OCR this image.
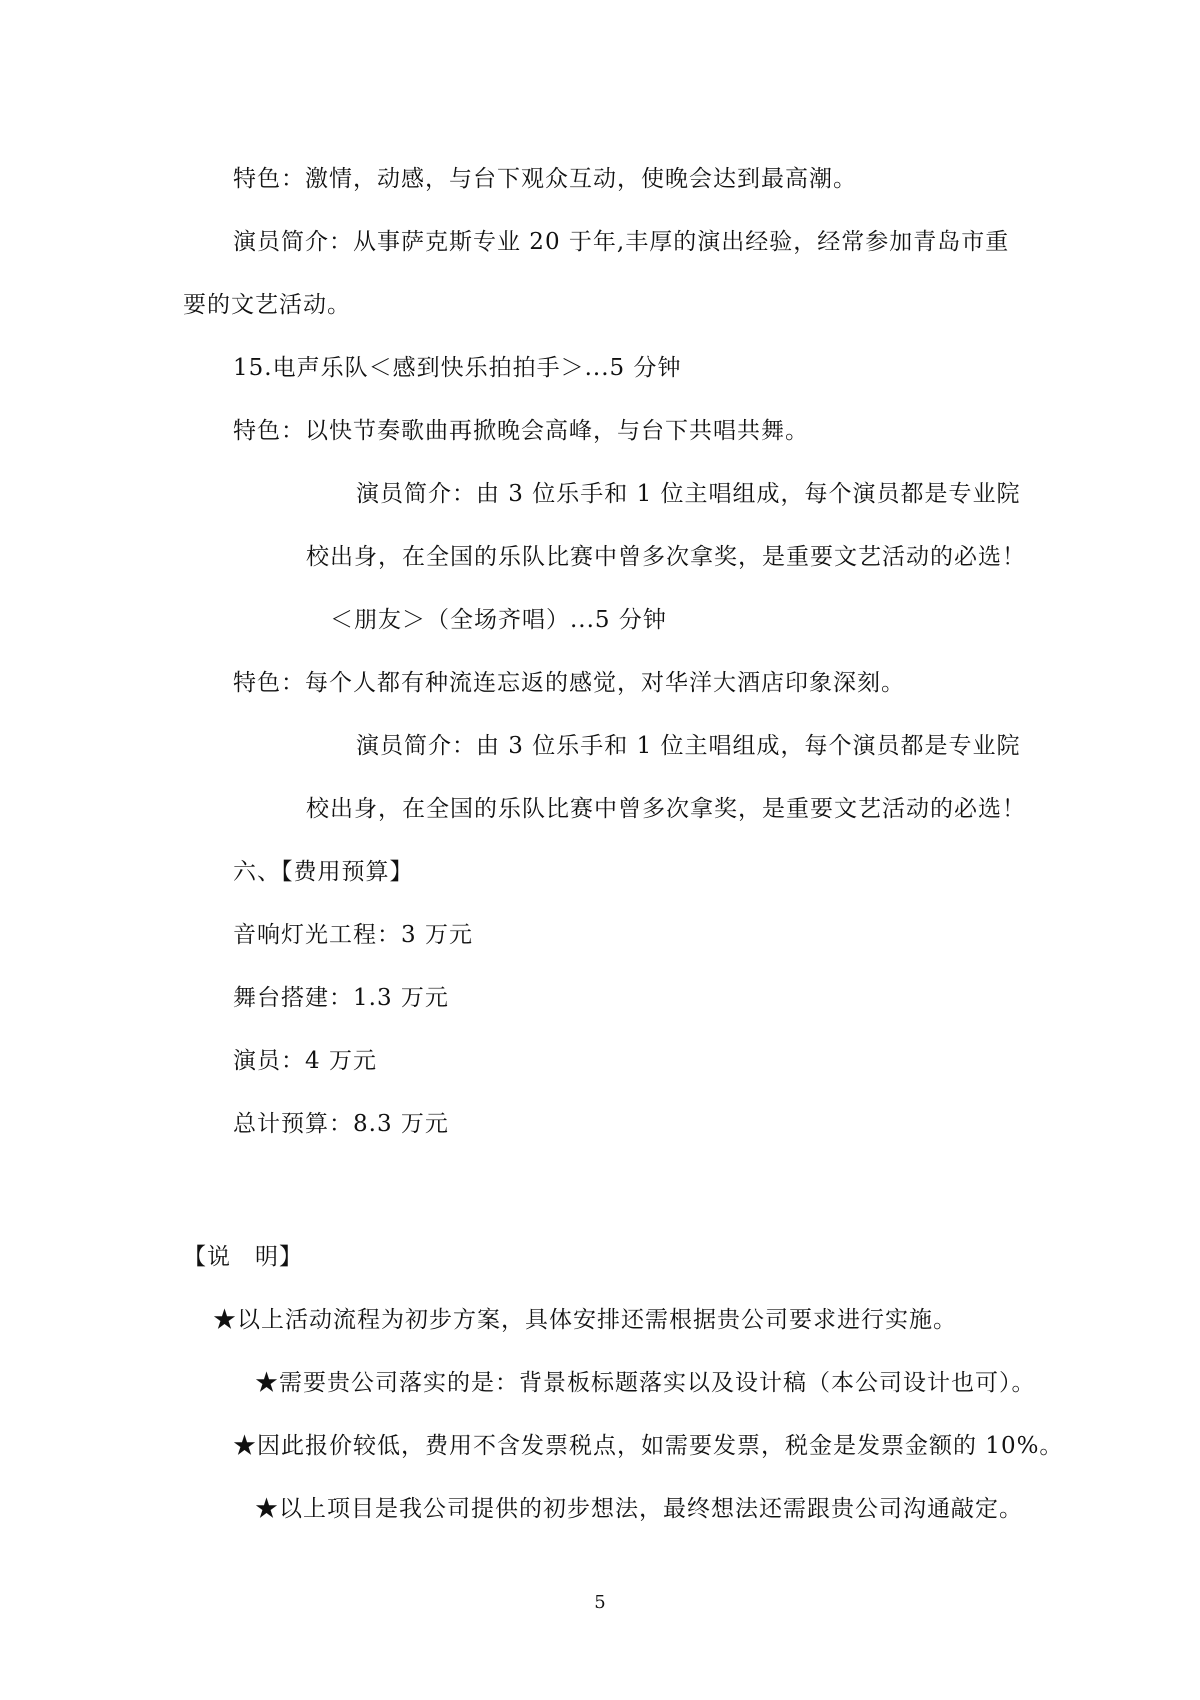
特色：激情，动感，与台下观众互动，使晚会达到最高潮。
演员简介：从事萨克斯专业 20 于年,丰厚的演出经验，经常参加青岛市重
要的文艺活动。
15.电声乐队＜感到快乐拍拍手＞...5 分钟
特色：以快节奏歌曲再掀晚会高峰，与台下共唱共舞。
演员简介：由 3 位乐手和 1 位主唱组成，每个演员都是专业院
校出身，在全国的乐队比赛中曾多次拿奖，是重要文艺活动的必选！
＜朋友＞（全场齐唱）...5 分钟
特色：每个人都有种流连忘返的感觉，对华洋大酒店印象深刻。
演员简介：由 3 位乐手和 1 位主唱组成，每个演员都是专业院
校出身，在全国的乐队比赛中曾多次拿奖，是重要文艺活动的必选！
六、【费用预算】
音响灯光工程：3 万元
舞台搭建：1.3 万元
演员：4 万元
总计预算：8.3 万元
【说　明】
★以上活动流程为初步方案，具体安排还需根据贵公司要求进行实施。
★需要贵公司落实的是：背景板标题落实以及设计稿（本公司设计也可）。
★因此报价较低，费用不含发票税点，如需要发票，税金是发票金额的 10%。
★以上项目是我公司提供的初步想法，最终想法还需跟贵公司沟通敲定。
5
